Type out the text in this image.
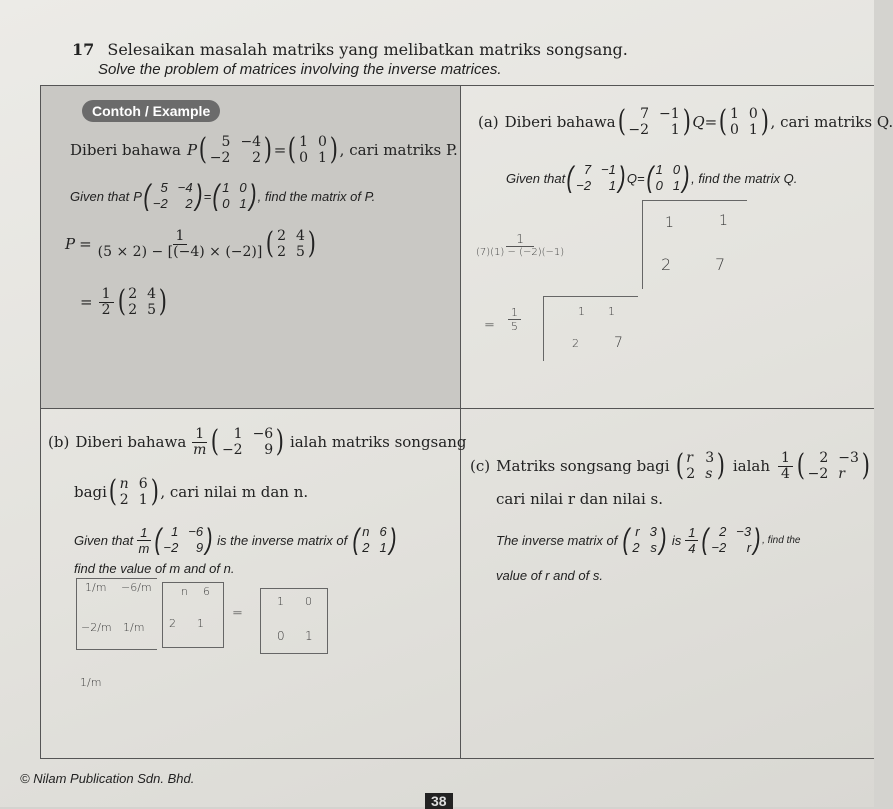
17 Selesaikan masalah matriks yang melibatkan matriks songsang.
Solve the problem of matrices involving the inverse matrices.
Contoh / Example
Diberi bahawa P (	5 −4
−2	2 ) = ( 1 0
0 1 ) , cari matriks P.
Given that P ( 5 −4
−2	2 ) = ( 1 0
0 1 ) , find the matrix of P.
$P = \frac{1}{(5 \times 2) - [(-4) \times (-2)]}$ ( 2 4
2 5 )
= $\frac{1}{2}$ ( 2 4
2 5 )
(a) Diberi bahawa (	7 −1
−2	1 ) Q = ( 1 0
0 1 ) , cari matriks Q.
Given that ( 7 −1
−2	1 ) Q = ( 1 0
0 1 ) , find the matrix Q.
1
(7)(1) − (−2)(−1)
1	1
2	7
= $\frac{1}{5}$	1 1
2	7
(b) Diberi bahawa $\frac{1}{m}$ (	1 −6
−2	9 ) ialah matriks songsang
bagi ( n 6
2 1 ) , cari nilai m dan n.
Given that $\frac{1}{m}$ ( 1 −6
−2	9 ) is the inverse matrix of ( n 6
2 1 )
find the value of m and of n.
1/m −6/m
−2/m 1/m
n 6
2 1
=
1 0
0 1
1/m
(c) Matriks songsang bagi ( r 3
2 s ) ialah $\frac{1}{4}$ (	2 −3
−2 r )
cari nilai r dan nilai s.
The inverse matrix of ( r 3
2 s ) is $\frac{1}{4}$ ( 2 −3
−2	r ) , find the
value of r and of s.
© Nilam Publication Sdn. Bhd.
38
